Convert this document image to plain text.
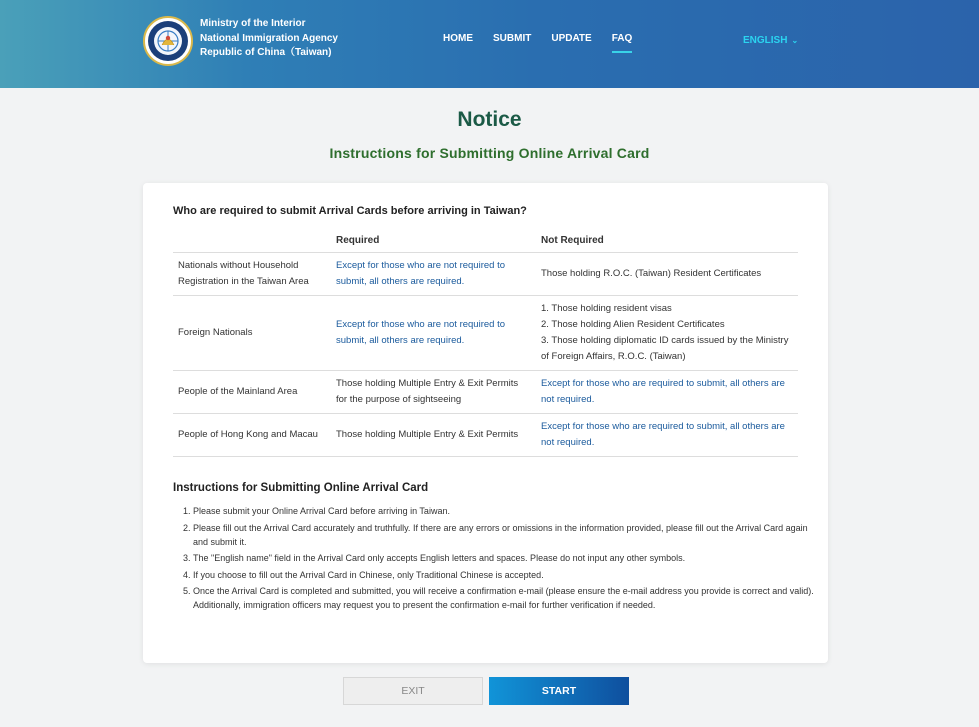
Ministry of the Interior
National Immigration Agency
Republic of China（Taiwan)
HOME SUBMIT UPDATE FAQ	ENGLISH ⌄
Notice
Instructions for Submitting Online Arrival Card
Who are required to submit Arrival Cards before arriving in Taiwan?
	Required	Not Required
Nationals without Household Registration in the Taiwan Area	Except for those who are not required to submit, all others are required.	Those holding R.O.C. (Taiwan) Resident Certificates
Foreign Nationals	Except for those who are not required to submit, all others are required.	1. Those holding resident visas
2. Those holding Alien Resident Certificates
3. Those holding diplomatic ID cards issued by the Ministry of Foreign Affairs, R.O.C. (Taiwan)

People of the Mainland Area	Those holding Multiple Entry & Exit Permits for the purpose of sightseeing	Except for those who are required to submit, all others are not required.
People of Hong Kong and Macau	Those holding Multiple Entry & Exit Permits	Except for those who are required to submit, all others are not required.
Instructions for Submitting Online Arrival Card
1. Please submit your Online Arrival Card before arriving in Taiwan.
2. Please fill out the Arrival Card accurately and truthfully. If there are any errors or omissions in the information provided, please fill out the Arrival Card again and submit it.
3. The "English name" field in the Arrival Card only accepts English letters and spaces. Please do not input any other symbols.
4. If you choose to fill out the Arrival Card in Chinese, only Traditional Chinese is accepted.
5. Once the Arrival Card is completed and submitted, you will receive a confirmation e-mail (please ensure the e-mail address you provide is correct and valid). Additionally, immigration officers may request you to present the confirmation e-mail for further verification if needed.
EXIT	START
